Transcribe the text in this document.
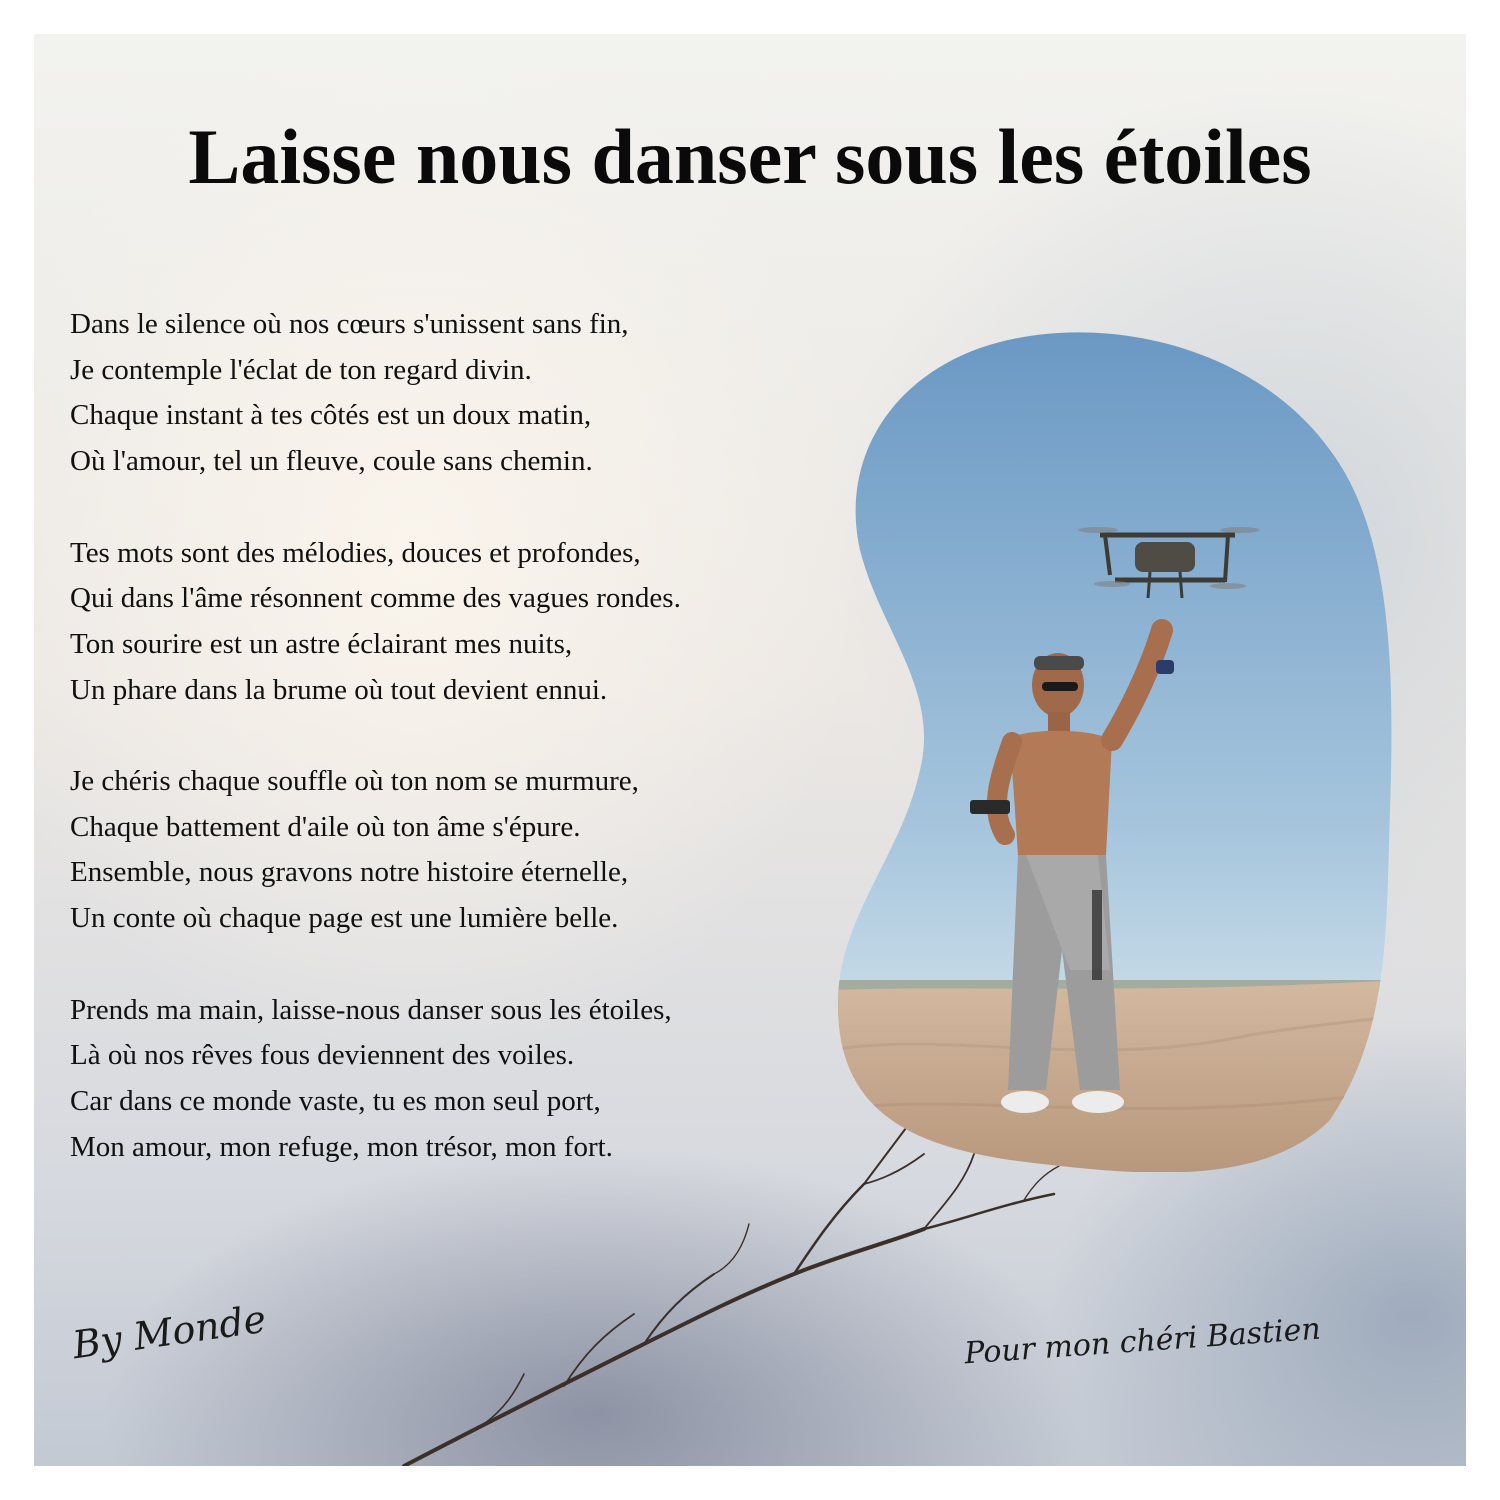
Laisse nous danser sous les étoiles
Dans le silence où nos cœurs s'unissent sans fin,
Je contemple l'éclat de ton regard divin.
Chaque instant à tes côtés est un doux matin,
Où l'amour, tel un fleuve, coule sans chemin.
Tes mots sont des mélodies, douces et profondes,
Qui dans l'âme résonnent comme des vagues rondes.
Ton sourire est un astre éclairant mes nuits,
Un phare dans la brume où tout devient ennui.
Je chéris chaque souffle où ton nom se murmure,
Chaque battement d'aile où ton âme s'épure.
Ensemble, nous gravons notre histoire éternelle,
Un conte où chaque page est une lumière belle.
Prends ma main, laisse-nous danser sous les étoiles,
Là où nos rêves fous deviennent des voiles.
Car dans ce monde vaste, tu es mon seul port,
Mon amour, mon refuge, mon trésor, mon fort.
By Monde	Pour mon chéri Bastien
